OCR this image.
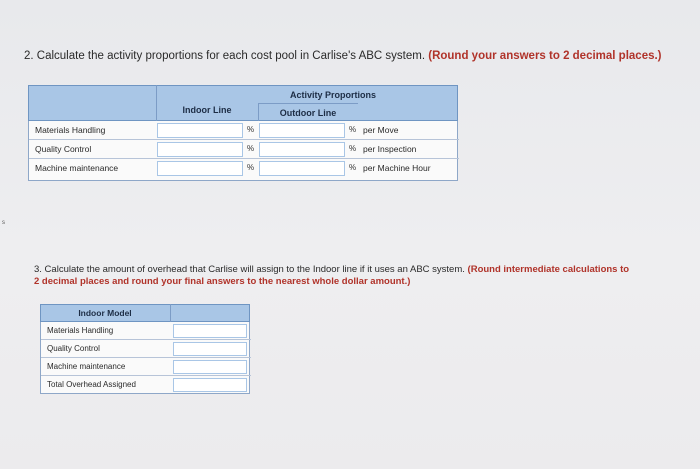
s
2. Calculate the activity proportions for each cost pool in Carlise's ABC system. (Round your answers to 2 decimal places.)
Activity Proportions
Indoor Line	Outdoor Line
Materials Handling	%	% per Move
Quality Control	%	% per Inspection
Machine maintenance	%	% per Machine Hour
3. Calculate the amount of overhead that Carlise will assign to the Indoor line if it uses an ABC system. (Round intermediate calculations to 2 decimal places and round your final answers to the nearest whole dollar amount.)
Indoor Model
Materials Handling
Quality Control
Machine maintenance
Total Overhead Assigned
